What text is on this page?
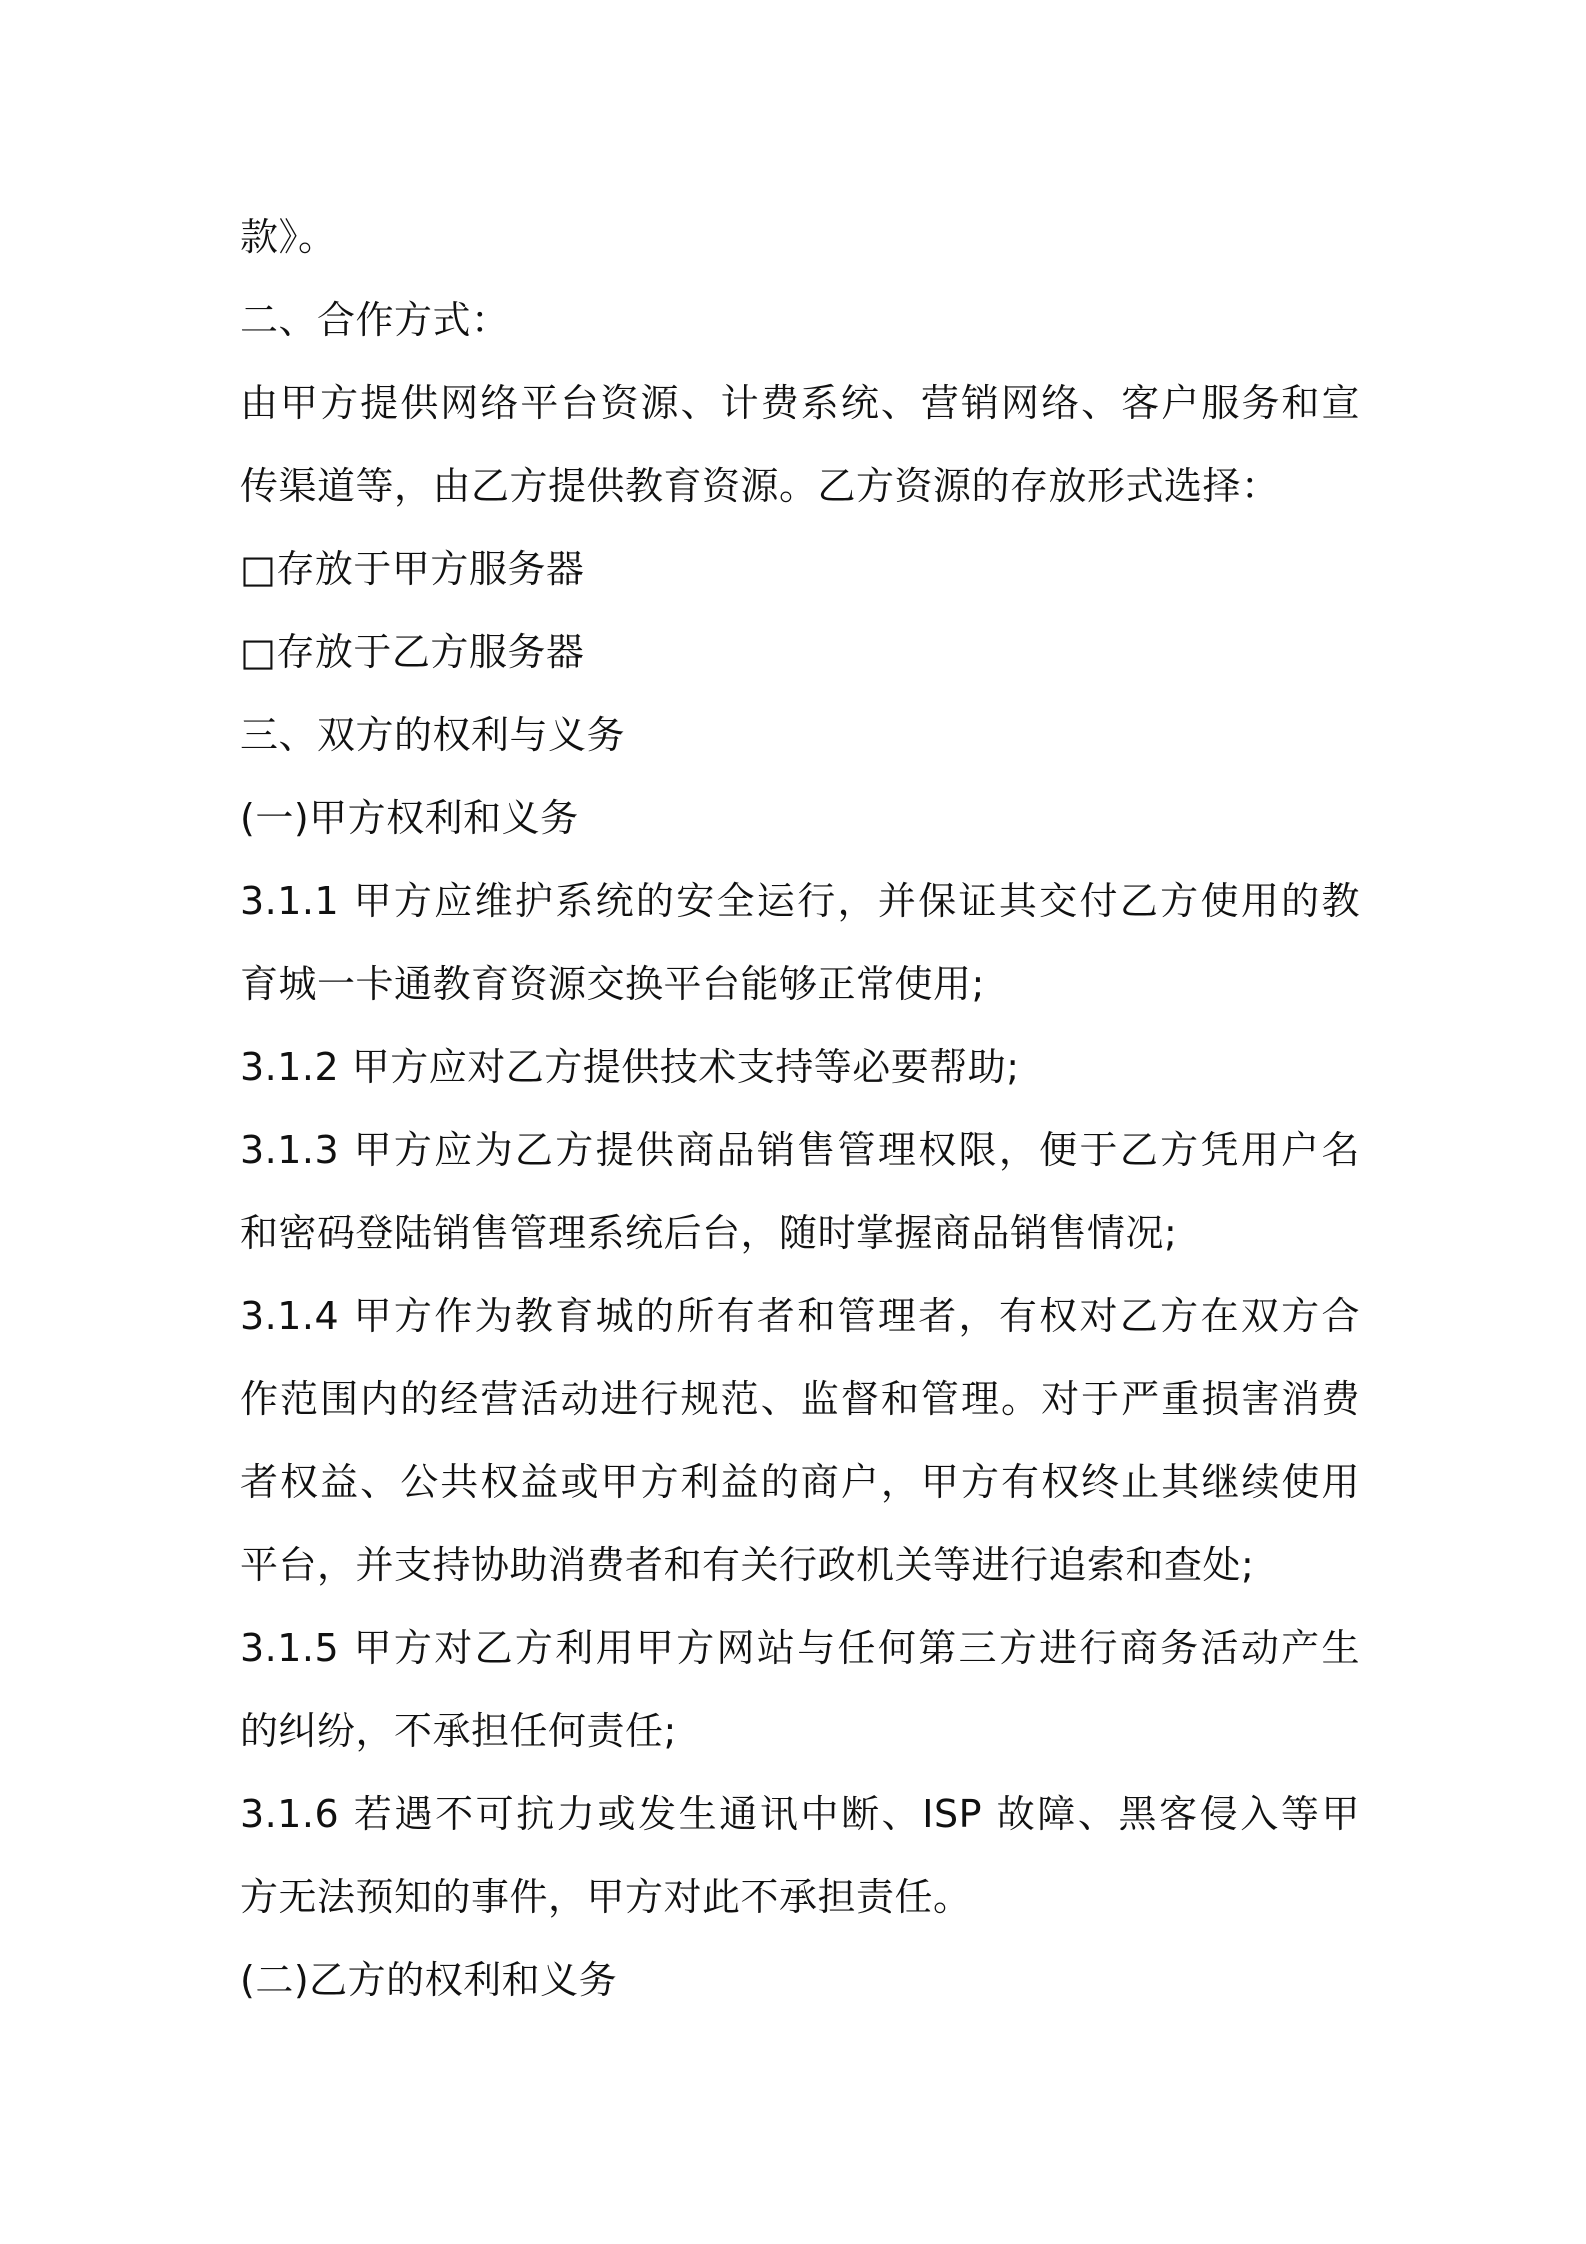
款》。
二、合作方式：
由甲方提供网络平台资源、计费系统、营销网络、客户服务和宣
传渠道等，由乙方提供教育资源。乙方资源的存放形式选择：
□存放于甲方服务器
□存放于乙方服务器
三、双方的权利与义务
(一)甲方权利和义务
3.1.1 甲方应维护系统的安全运行，并保证其交付乙方使用的教
育城一卡通教育资源交换平台能够正常使用;
3.1.2 甲方应对乙方提供技术支持等必要帮助;
3.1.3 甲方应为乙方提供商品销售管理权限，便于乙方凭用户名
和密码登陆销售管理系统后台，随时掌握商品销售情况;
3.1.4 甲方作为教育城的所有者和管理者，有权对乙方在双方合
作范围内的经营活动进行规范、监督和管理。对于严重损害消费
者权益、公共权益或甲方利益的商户，甲方有权终止其继续使用
平台，并支持协助消费者和有关行政机关等进行追索和查处;
3.1.5 甲方对乙方利用甲方网站与任何第三方进行商务活动产生
的纠纷，不承担任何责任;
3.1.6 若遇不可抗力或发生通讯中断、ISP 故障、黑客侵入等甲
方无法预知的事件，甲方对此不承担责任。
(二)乙方的权利和义务
